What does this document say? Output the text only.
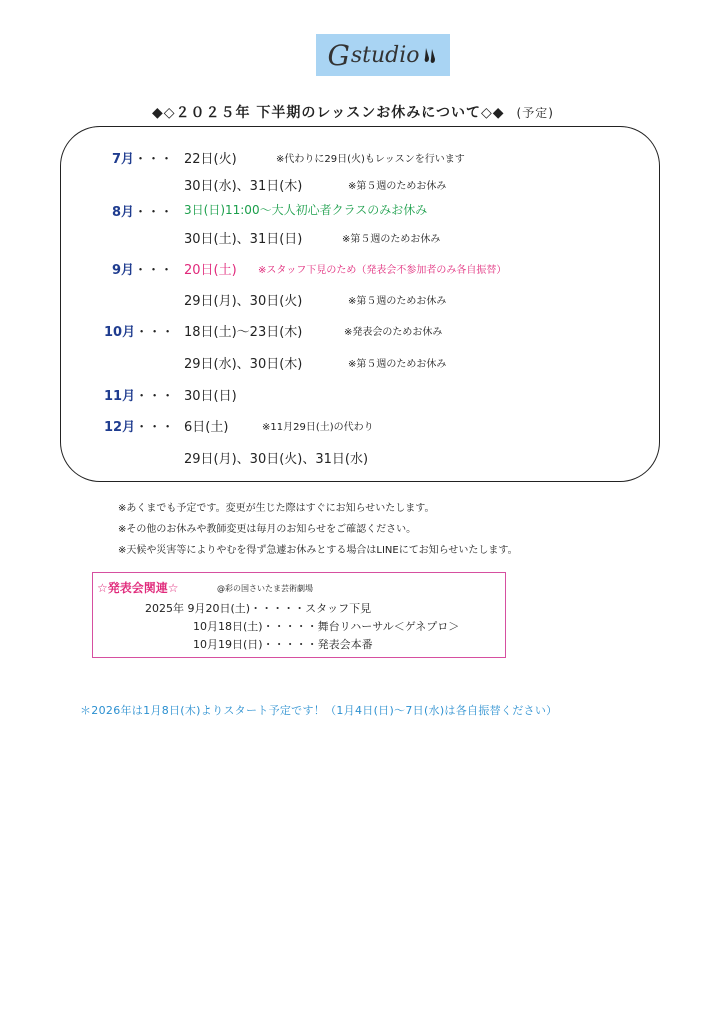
G studio
◆◇２０２５年 下半期のレッスンお休みについて◇◆ (予定)
7月・・・ 22日(火)	※代わりに29日(火)もレッスンを行います
30日(水)、31日(木)	※第５週のためお休み
8月・・・ 3日(日)11:00～大人初心者クラスのみお休み
30日(土)、31日(日)	※第５週のためお休み
9月・・・ 20日(土) ※スタッフ下見のため（発表会不参加者のみ各自振替）
29日(月)、30日(火)	※第５週のためお休み
10月・・・ 18日(土)～23日(木)	※発表会のためお休み
29日(水)、30日(木)	※第５週のためお休み
11月・・・ 30日(日)
12月・・・ 6日(土)	※11月29日(土)の代わり
29日(月)、30日(火)、31日(水)
※あくまでも予定です。変更が生じた際はすぐにお知らせいたします。
※その他のお休みや教師変更は毎月のお知らせをご確認ください。
※天候や災害等によりやむを得ず急遽お休みとする場合はLINEにてお知らせいたします。
☆発表会関連☆	@彩の国さいたま芸術劇場
2025年 9月20日(土)・・・・・スタッフ下見
10月18日(土)・・・・・舞台リハーサル＜ゲネプロ＞
10月19日(日)・・・・・発表会本番
＊2026年は1月8日(木)よりスタート予定です！（1月4日(日)～7日(水)は各自振替ください）
